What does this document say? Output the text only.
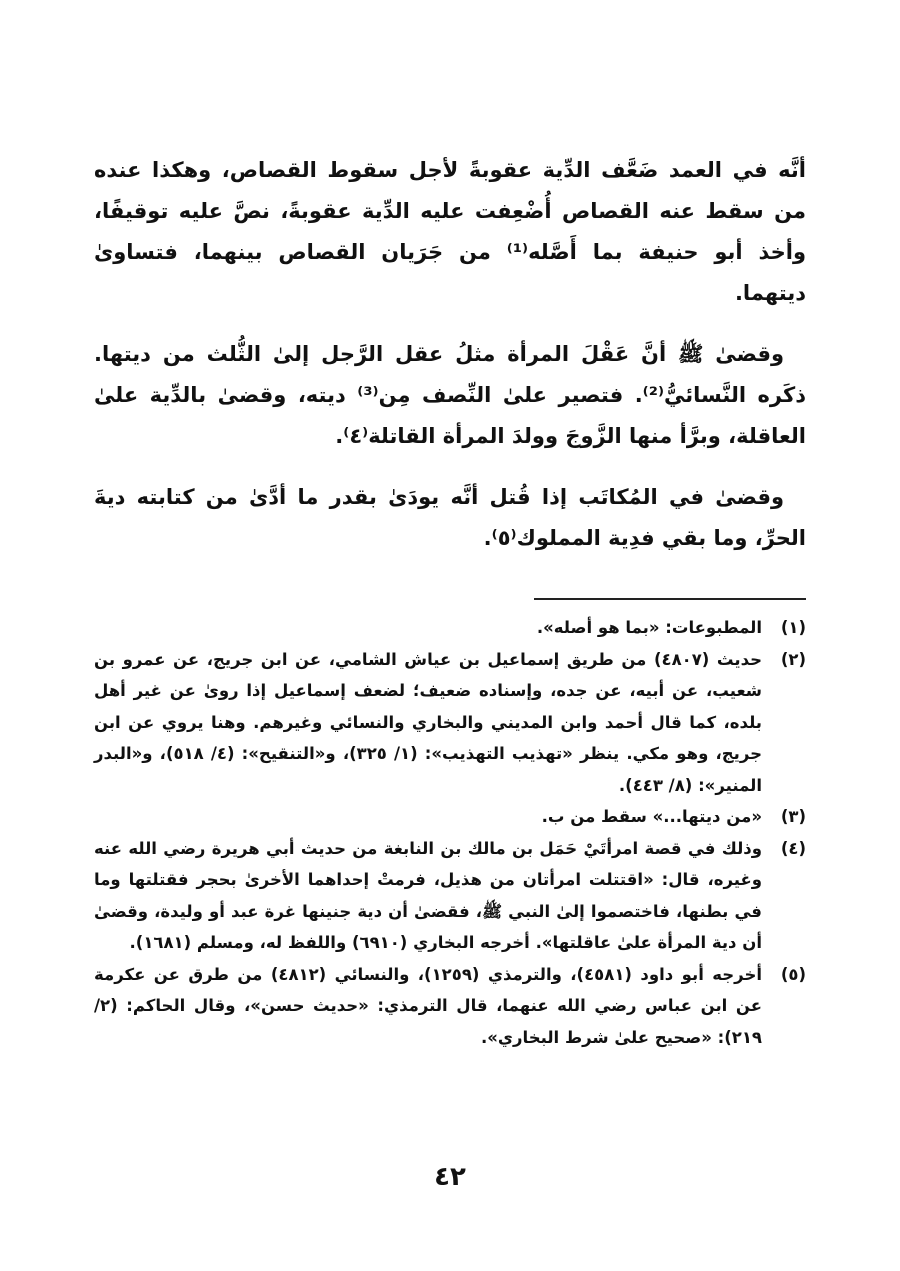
أنَّه في العمد ضَعَّف الدِّية عقوبةً لأجل سقوط القصاص، وهكذا عنده من سقط عنه القصاص أُضْعِفت عليه الدِّية عقوبةً، نصَّ عليه توقيفًا، وأخذ أبو حنيفة بما أَصَّله⁽¹⁾ من جَرَيان القصاص بينهما، فتساوىٰ ديتهما.

وقضىٰ ﷺ أنَّ عَقْلَ المرأة مثلُ عقل الرَّجل إلىٰ الثُّلث من ديتها. ذكَره النَّسائيُّ⁽²⁾. فتصير علىٰ النِّصف مِن⁽³⁾ ديته، وقضىٰ بالدِّية علىٰ العاقلة، وبرَّأ منها الزَّوجَ وولدَ المرأة القاتلة⁽٤⁾.

وقضىٰ في المُكاتَب إذا قُتل أنَّه يودَىٰ بقدر ما أدَّىٰ من كتابته ديةَ الحرِّ، وما بقي فدِية المملوك⁽٥⁾.

(١)
المطبوعات: «بما هو أصله».
(٢)
حديث (٤٨٠٧) من طريق إسماعيل بن عياش الشامي، عن ابن جريج، عن عمرو بن شعيب، عن أبيه، عن جده، وإسناده ضعيف؛ لضعف إسماعيل إذا روىٰ عن غير أهل بلده، كما قال أحمد وابن المديني والبخاري والنسائي وغيرهم. وهنا يروي عن ابن جريج، وهو مكي. ينظر «تهذيب التهذيب»: (١/ ٣٢٥)، و«التنقيح»: (٤/ ٥١٨)، و«البدر المنير»: (٨/ ٤٤٣).
(٣)
«من ديتها...» سقط من ب.
(٤)
وذلك في قصة امرأتَيْ حَمَل بن مالك بن النابغة من حديث أبي هريرة رضي الله عنه وغيره، قال: «اقتتلت امرأتان من هذيل، فرمتْ إحداهما الأخرىٰ بحجر فقتلتها وما في بطنها، فاختصموا إلىٰ النبي ﷺ، فقضىٰ أن دية جنينها غرة عبد أو وليدة، وقضىٰ أن دية المرأة علىٰ عاقلتها». أخرجه البخاري (٦٩١٠) واللفظ له، ومسلم (١٦٨١).
(٥)
أخرجه أبو داود (٤٥٨١)، والترمذي (١٢٥٩)، والنسائي (٤٨١٢) من طرق عن عكرمة عن ابن عباس رضي الله عنهما، قال الترمذي: «حديث حسن»، وقال الحاكم: (٢/ ٢١٩): «صحيح علىٰ شرط البخاري».
٤٢
